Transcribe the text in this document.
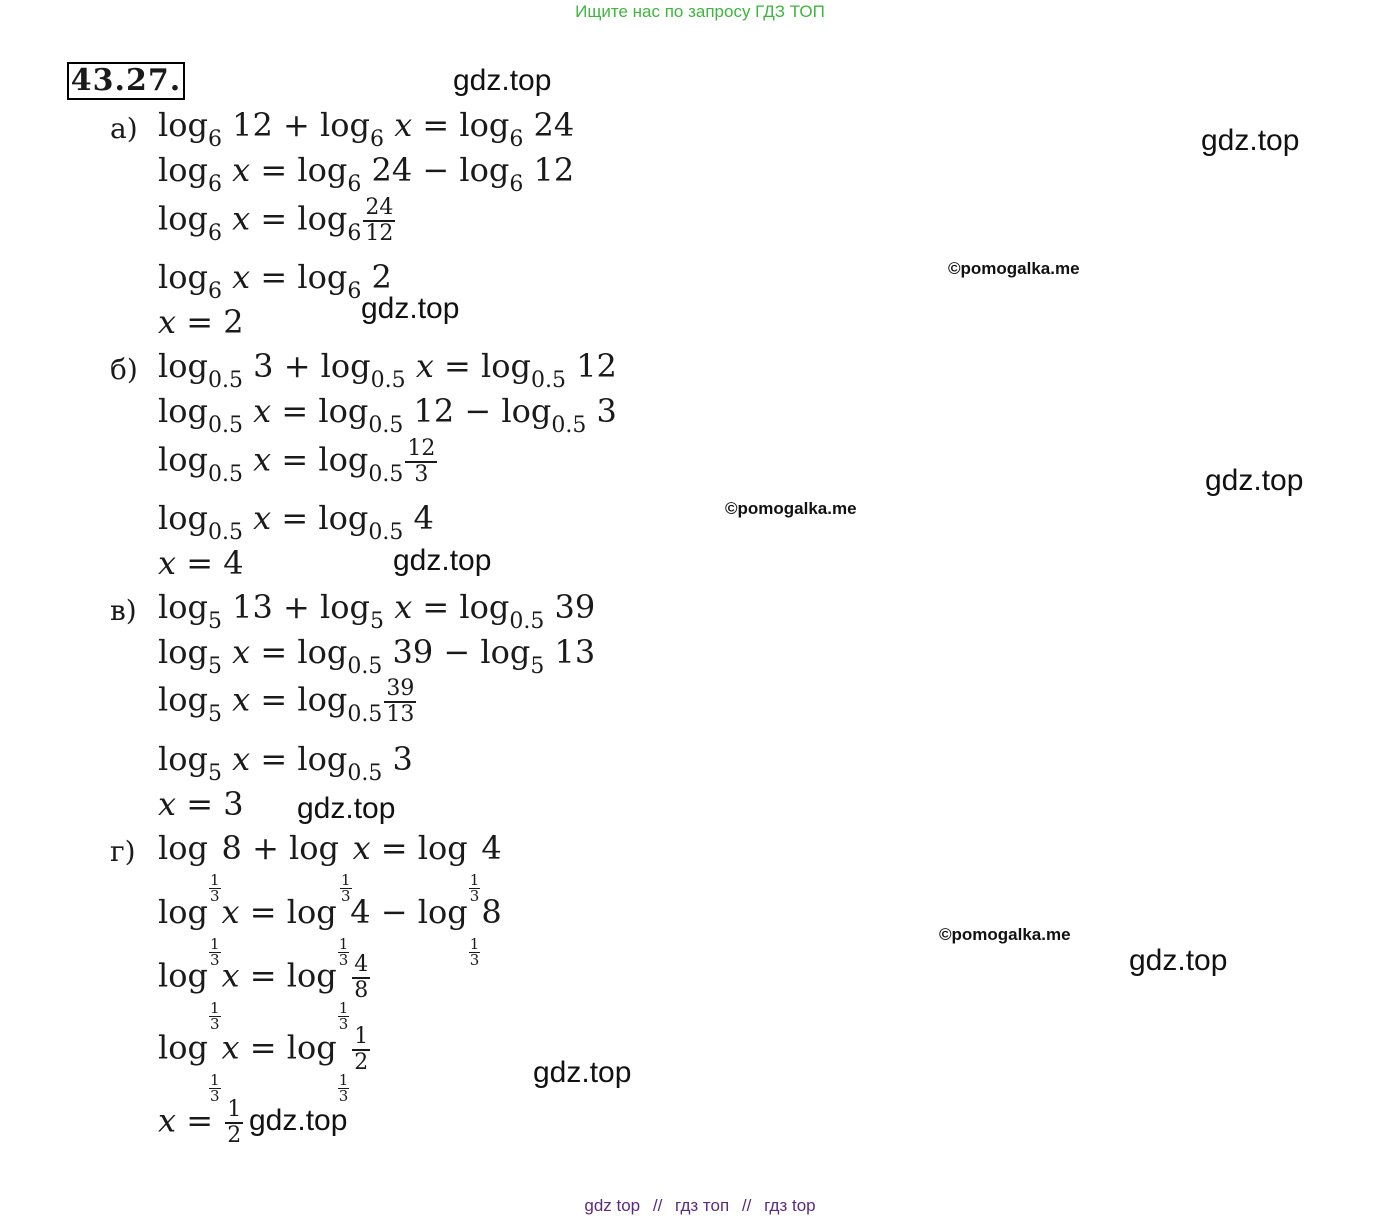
Ищите нас по запросу ГДЗ ТОП
43.27.	gdz.top
gdz.top
©pomogalka.me
gdz.top
gdz.top
©pomogalka.me
gdz.top
gdz.top
©pomogalka.me
gdz.top
gdz.top
gdz.top
а) $\log_6 12 + \log_6 x = \log_6 24$
$\log_6 x = \log_6 24 - \log_6 12$
$\log_6 x = \log_6 \frac{24}{12}$
$\log_6 x = \log_6 2$
x = 2
б) $\log_{0.5} 3 + \log_{0.5} x = \log_{0.5} 12$
$\log_{0.5} x = \log_{0.5} 12 - \log_{0.5} 3$
$\log_{0.5} x = \log_{0.5} \frac{12}{3}$
$\log_{0.5} x = \log_{0.5} 4$
x = 4
в) $\log_5 13 + \log_5 x = \log_{0.5} 39$
$\log_5 x = \log_{0.5} 39 - \log_5 13$
$\log_5 x = \log_{0.5} \frac{39}{13}$
$\log_5 x = \log_{0.5} 3$
x = 3
г) log
$\frac{1}{3}$
8 + log
$\frac{1}{3}$
x = log
$\frac{1}{3}$
4
log
$\frac{1}{3}$
x = log
$\frac{1}{3}$
4 − log
$\frac{1}{3}$
8
log
$\frac{1}{3}$
x = log
$\frac{1}{3}$
$\frac{4}{8}$
log
$\frac{1}{3}$
x = log
$\frac{1}{3}$
$\frac{1}{2}$
$x = \frac{1}{2}$
gdz top // гдз топ // гдз top
